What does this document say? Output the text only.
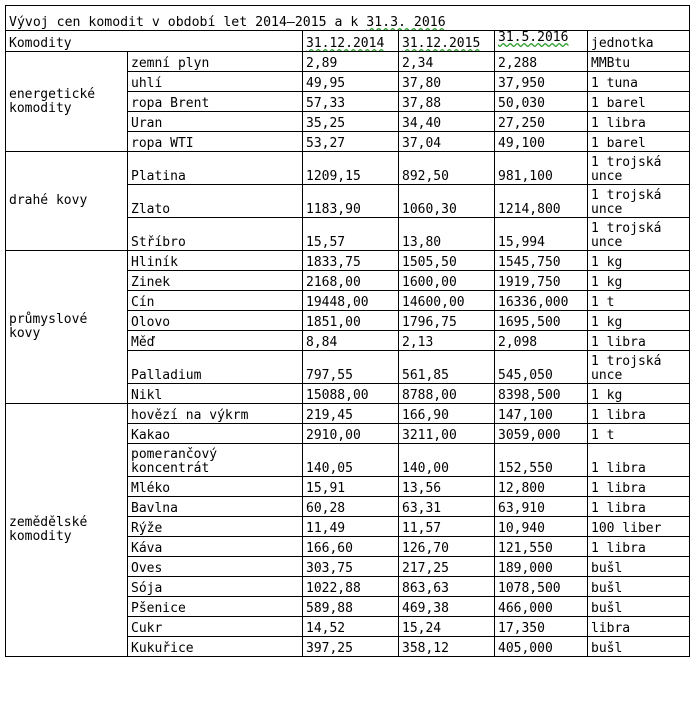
Vývoj cen komodit v období let 2014–2015 a k 31.3. 2016					
Komodity		31.12.2014	31.12.2015	31.5.2016	jednotka
energetické komodity	zemní plyn	2,89	2,34	2,288	MMBtu
	uhlí	49,95	37,80	37,950	1 tuna
	ropa Brent	57,33	37,88	50,030	1 barel
	Uran	35,25	34,40	27,250	1 libra
	ropa WTI	53,27	37,04	49,100	1 barel
drahé kovy	Platina	1209,15	892,50	981,100	1 trojská unce
	Zlato	1183,90	1060,30	1214,800	1 trojská unce
	Stříbro	15,57	13,80	15,994	1 trojská unce
průmyslové kovy	Hliník	1833,75	1505,50	1545,750	1 kg
	Zinek	2168,00	1600,00	1919,750	1 kg
	Cín	19448,00	14600,00	16336,000	1 t
	Olovo	1851,00	1796,75	1695,500	1 kg
	Měď	8,84	2,13	2,098	1 libra
	Palladium	797,55	561,85	545,050	1 trojská unce
	Nikl	15088,00	8788,00	8398,500	1 kg
zemědělské komodity	hovězí na výkrm	219,45	166,90	147,100	1 libra
	Kakao	2910,00	3211,00	3059,000	1 t
	pomerančový koncentrát	140,05	140,00	152,550	1 libra
	Mléko	15,91	13,56	12,800	1 libra
	Bavlna	60,28	63,31	63,910	1 libra
	Rýže	11,49	11,57	10,940	100 liber
	Káva	166,60	126,70	121,550	1 libra
	Oves	303,75	217,25	189,000	bušl
	Sója	1022,88	863,63	1078,500	bušl
	Pšenice	589,88	469,38	466,000	bušl
	Cukr	14,52	15,24	17,350	libra
	Kukuřice	397,25	358,12	405,000	bušl
